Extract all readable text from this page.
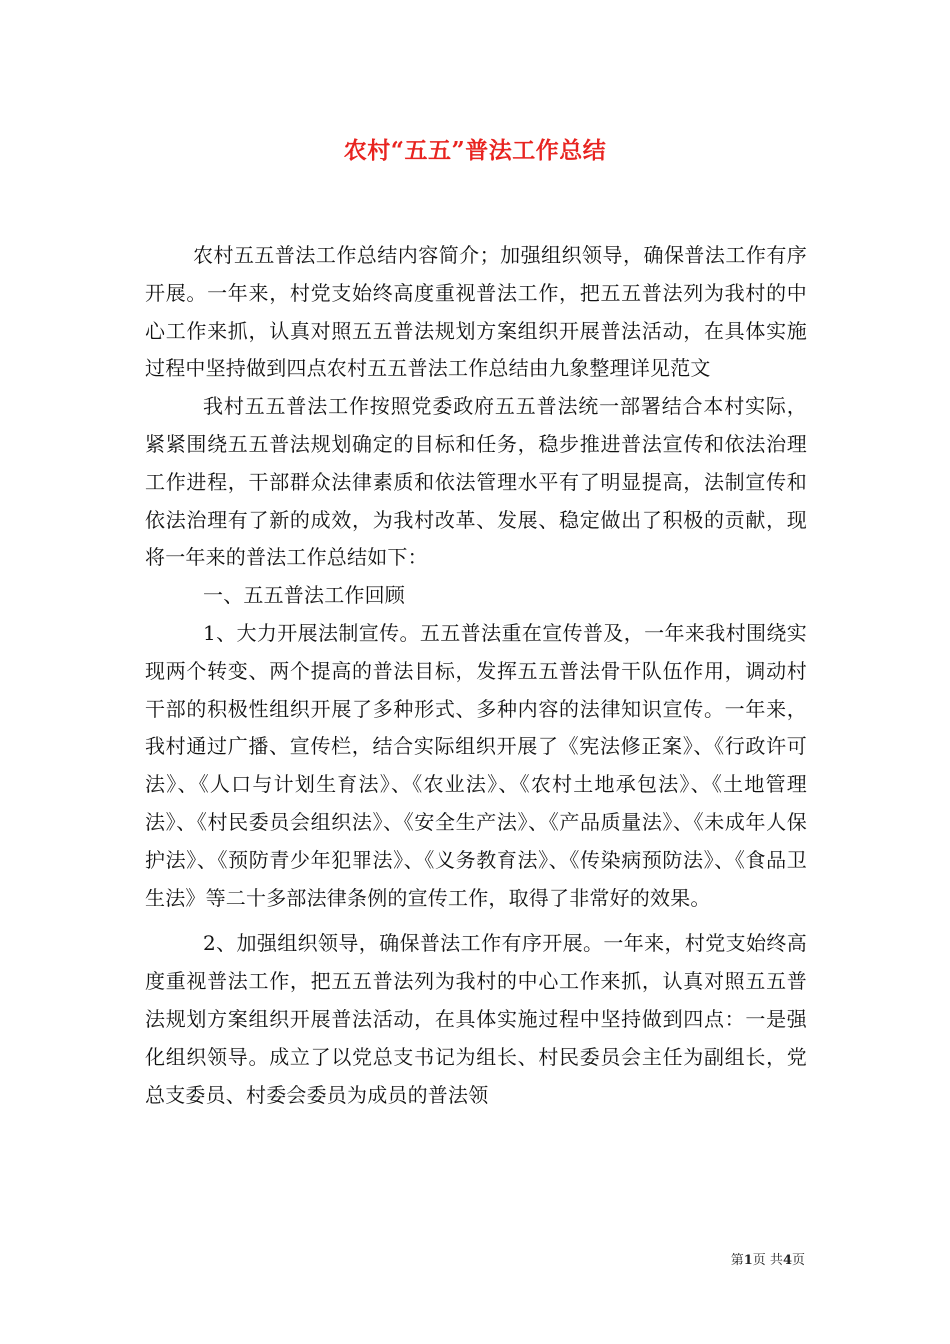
农村“五五”普法工作总结

农村五五普法工作总结内容简介；加强组织领导，确保普法工作有序开展。一年来，村党支始终高度重视普法工作，把五五普法列为我村的中心工作来抓，认真对照五五普法规划方案组织开展普法活动，在具体实施过程中坚持做到四点农村五五普法工作总结由九象整理详见范文

我村五五普法工作按照党委政府五五普法统一部署结合本村实际，紧紧围绕五五普法规划确定的目标和任务，稳步推进普法宣传和依法治理工作进程，干部群众法律素质和依法管理水平有了明显提高，法制宣传和依法治理有了新的成效，为我村改革、发展、稳定做出了积极的贡献，现将一年来的普法工作总结如下：

一、五五普法工作回顾

1、大力开展法制宣传。五五普法重在宣传普及，一年来我村围绕实现两个转变、两个提高的普法目标，发挥五五普法骨干队伍作用，调动村干部的积极性组织开展了多种形式、多种内容的法律知识宣传。一年来，我村通过广播、宣传栏，结合实际组织开展了《宪法修正案》、《行政许可法》、《人口与计划生育法》、《农业法》、《农村土地承包法》、《土地管理法》、《村民委员会组织法》、《安全生产法》、《产品质量法》、《未成年人保护法》、《预防青少年犯罪法》、《义务教育法》、《传染病预防法》、《食品卫生法》等二十多部法律条例的宣传工作，取得了非常好的效果。

2、加强组织领导，确保普法工作有序开展。一年来，村党支始终高度重视普法工作，把五五普法列为我村的中心工作来抓，认真对照五五普法规划方案组织开展普法活动，在具体实施过程中坚持做到四点：一是强化组织领导。成立了以党总支书记为组长、村民委员会主任为副组长，党总支委员、村委会委员为成员的普法领

第1页 共4页
